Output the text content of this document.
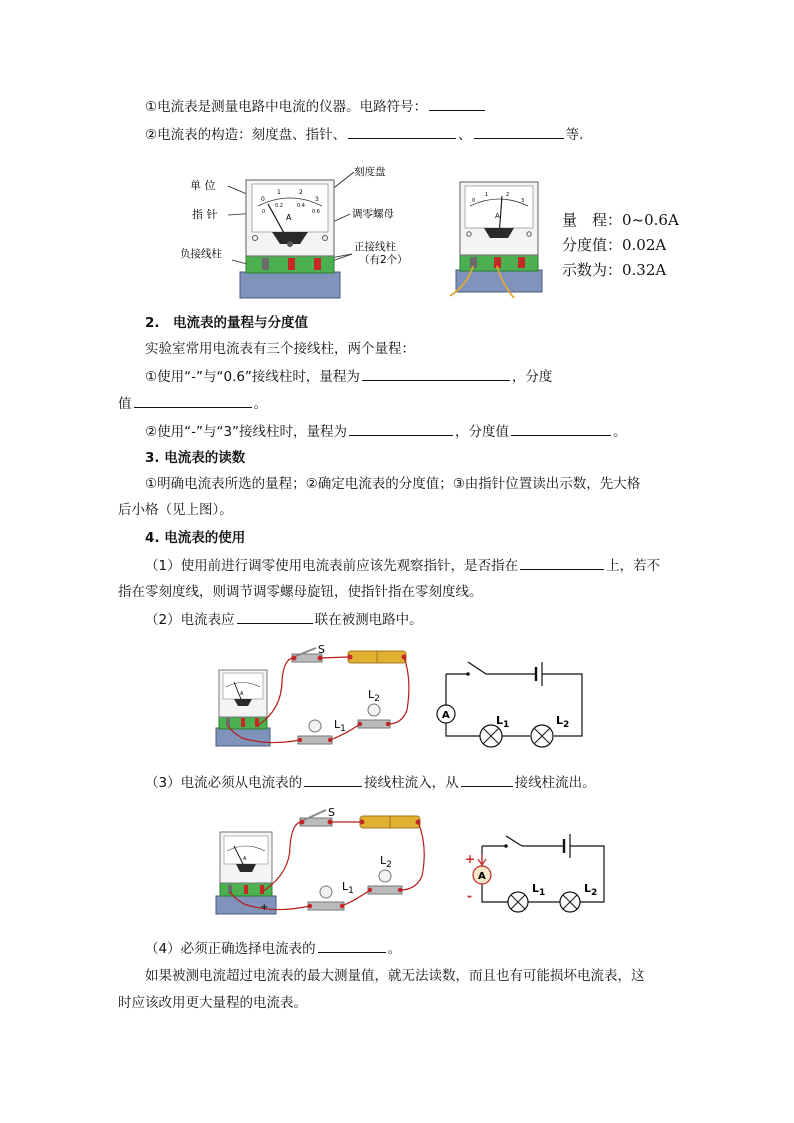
①电流表是测量电路中电流的仪器。电路符号：
②电流表的构造：刻度盘、指针、	、	等.
单 位
指 针
负接线柱
刻度盘
调零螺母
正接线柱
（有2个）
0
1	2
3
0
0.2	0.4
0.6
A
0
1	2
3
A	量　程：0~0.6A
分度值：0.02A
示数为：0.32A
2.　电流表的量程与分度值
实验室常用电流表有三个接线柱，两个量程：
①使用“-”与“0.6”接线柱时，量程为	，分度
值	。
②使用“-”与“3”接线柱时，量程为	，分度值	。
3. 电流表的读数
①明确电流表所选的量程；②确定电流表的分度值；③由指针位置读出示数，先大格
后小格（见上图）。
4. 电流表的使用
（1）使用前进行调零使用电流表前应该先观察指针，是否指在	上，若不
指在零刻度线，则调节调零螺母旋钮，使指针指在零刻度线。
（2）电流表应	联在被测电路中。
A
S
$L_1$
$L_2$
A	$L_1$	$L_2$
（3）电流必须从电流表的	接线柱流入，从	接线柱流出。
A
S
$L_1$
$L_2$
+
A
+
-
$L_1$	$L_2$
（4）必须正确选择电流表的	。
如果被测电流超过电流表的最大测量值，就无法读数，而且也有可能损坏电流表，这
时应该改用更大量程的电流表。
